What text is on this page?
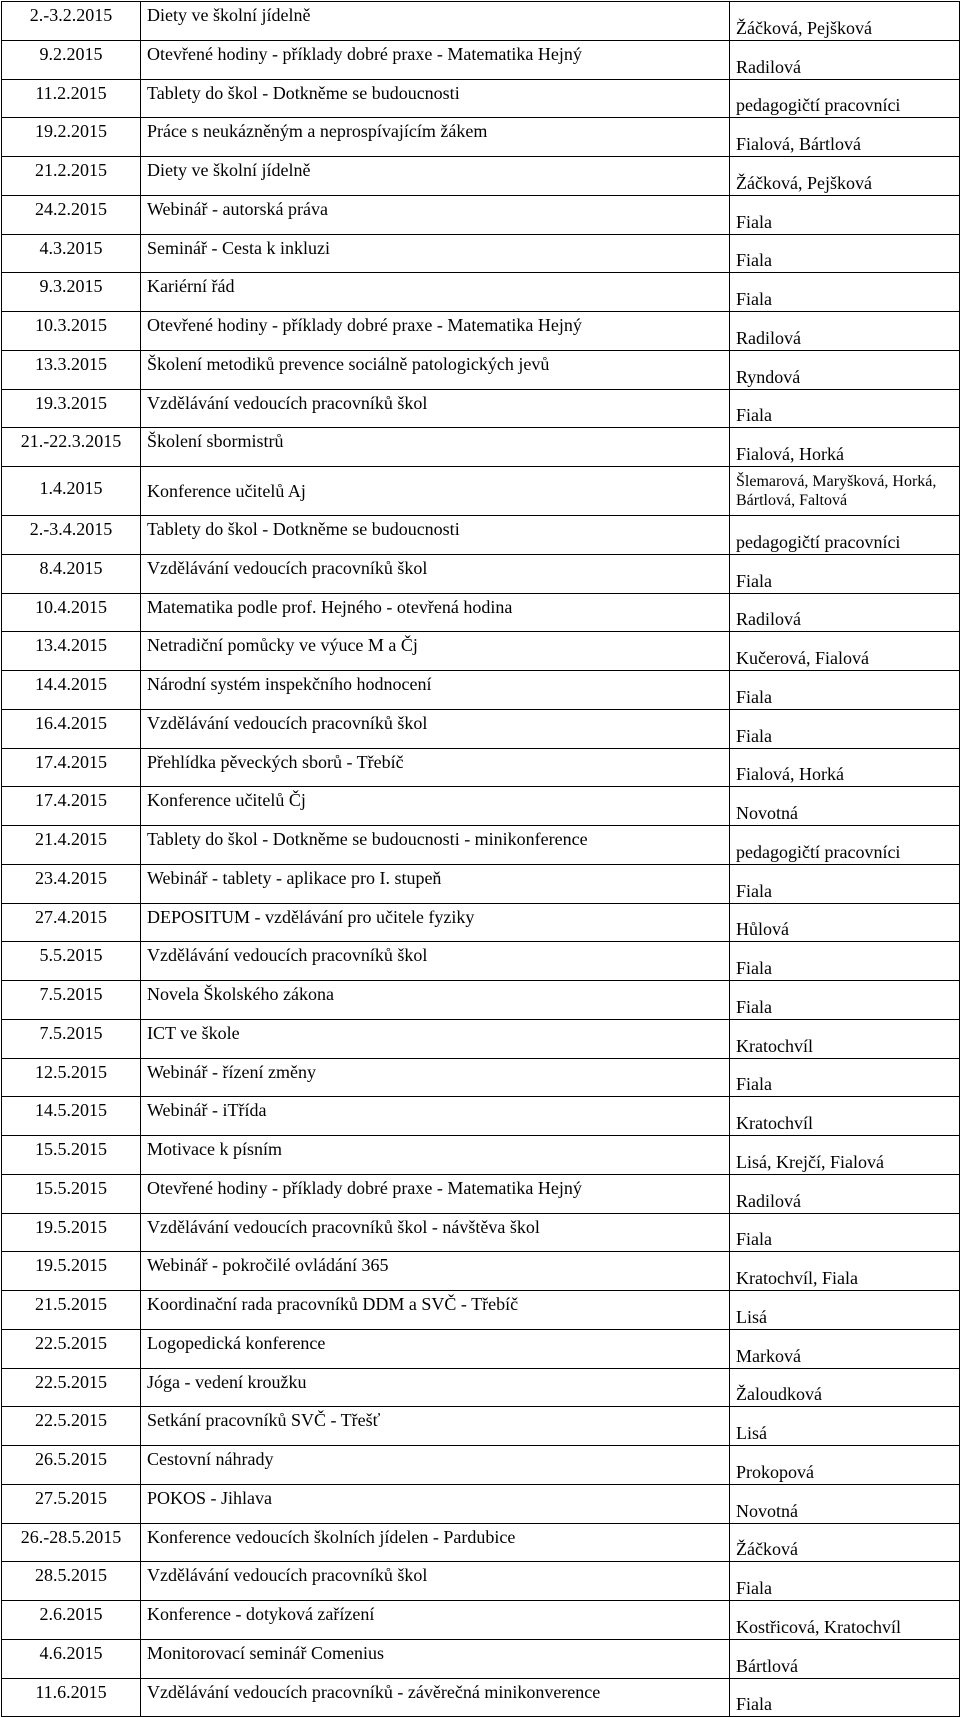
2.-3.2.2015	Diety ve školní jídelně	Žáčková, Pejšková
9.2.2015	Otevřené hodiny - příklady dobré praxe - Matematika Hejný	Radilová
11.2.2015	Tablety do škol - Dotkněme se budoucnosti	pedagogičtí pracovníci
19.2.2015	Práce s neukázněným a neprospívajícím žákem	Fialová, Bártlová
21.2.2015	Diety ve školní jídelně	Žáčková, Pejšková
24.2.2015	Webinář - autorská práva	Fiala
4.3.2015	Seminář - Cesta k inkluzi	Fiala
9.3.2015	Kariérní řád	Fiala
10.3.2015	Otevřené hodiny - příklady dobré praxe - Matematika Hejný	Radilová
13.3.2015	Školení metodiků prevence sociálně patologických jevů	Ryndová
19.3.2015	Vzdělávání vedoucích pracovníků škol	Fiala
21.-22.3.2015	Školení sbormistrů	Fialová, Horká
1.4.2015	Konference učitelů Aj	Šlemarová, Maryšková, Horká, Bártlová, Faltová
2.-3.4.2015	Tablety do škol - Dotkněme se budoucnosti	pedagogičtí pracovníci
8.4.2015	Vzdělávání vedoucích pracovníků škol	Fiala
10.4.2015	Matematika podle prof. Hejného - otevřená hodina	Radilová
13.4.2015	Netradiční pomůcky ve výuce M a Čj	Kučerová, Fialová
14.4.2015	Národní systém inspekčního hodnocení	Fiala
16.4.2015	Vzdělávání vedoucích pracovníků škol	Fiala
17.4.2015	Přehlídka pěveckých sborů - Třebíč	Fialová, Horká
17.4.2015	Konference učitelů Čj	Novotná
21.4.2015	Tablety do škol - Dotkněme se budoucnosti - minikonference	pedagogičtí pracovníci
23.4.2015	Webinář - tablety - aplikace pro I. stupeň	Fiala
27.4.2015	DEPOSITUM - vzdělávání pro učitele fyziky	Hůlová
5.5.2015	Vzdělávání vedoucích pracovníků škol	Fiala
7.5.2015	Novela Školského zákona	Fiala
7.5.2015	ICT ve škole	Kratochvíl
12.5.2015	Webinář - řízení změny	Fiala
14.5.2015	Webinář - iTřída	Kratochvíl
15.5.2015	Motivace k písním	Lisá, Krejčí, Fialová
15.5.2015	Otevřené hodiny - příklady dobré praxe - Matematika Hejný	Radilová
19.5.2015	Vzdělávání vedoucích pracovníků škol - návštěva škol	Fiala
19.5.2015	Webinář - pokročilé ovládání 365	Kratochvíl, Fiala
21.5.2015	Koordinační rada pracovníků DDM a SVČ - Třebíč	Lisá
22.5.2015	Logopedická konference	Marková
22.5.2015	Jóga - vedení kroužku	Žaloudková
22.5.2015	Setkání pracovníků SVČ - Třešť	Lisá
26.5.2015	Cestovní náhrady	Prokopová
27.5.2015	POKOS - Jihlava	Novotná
26.-28.5.2015	Konference vedoucích školních jídelen - Pardubice	Žáčková
28.5.2015	Vzdělávání vedoucích pracovníků škol	Fiala
2.6.2015	Konference - dotyková zařízení	Kostřicová, Kratochvíl
4.6.2015	Monitorovací seminář Comenius	Bártlová
11.6.2015	Vzdělávání vedoucích pracovníků - závěrečná minikonverence	Fiala
